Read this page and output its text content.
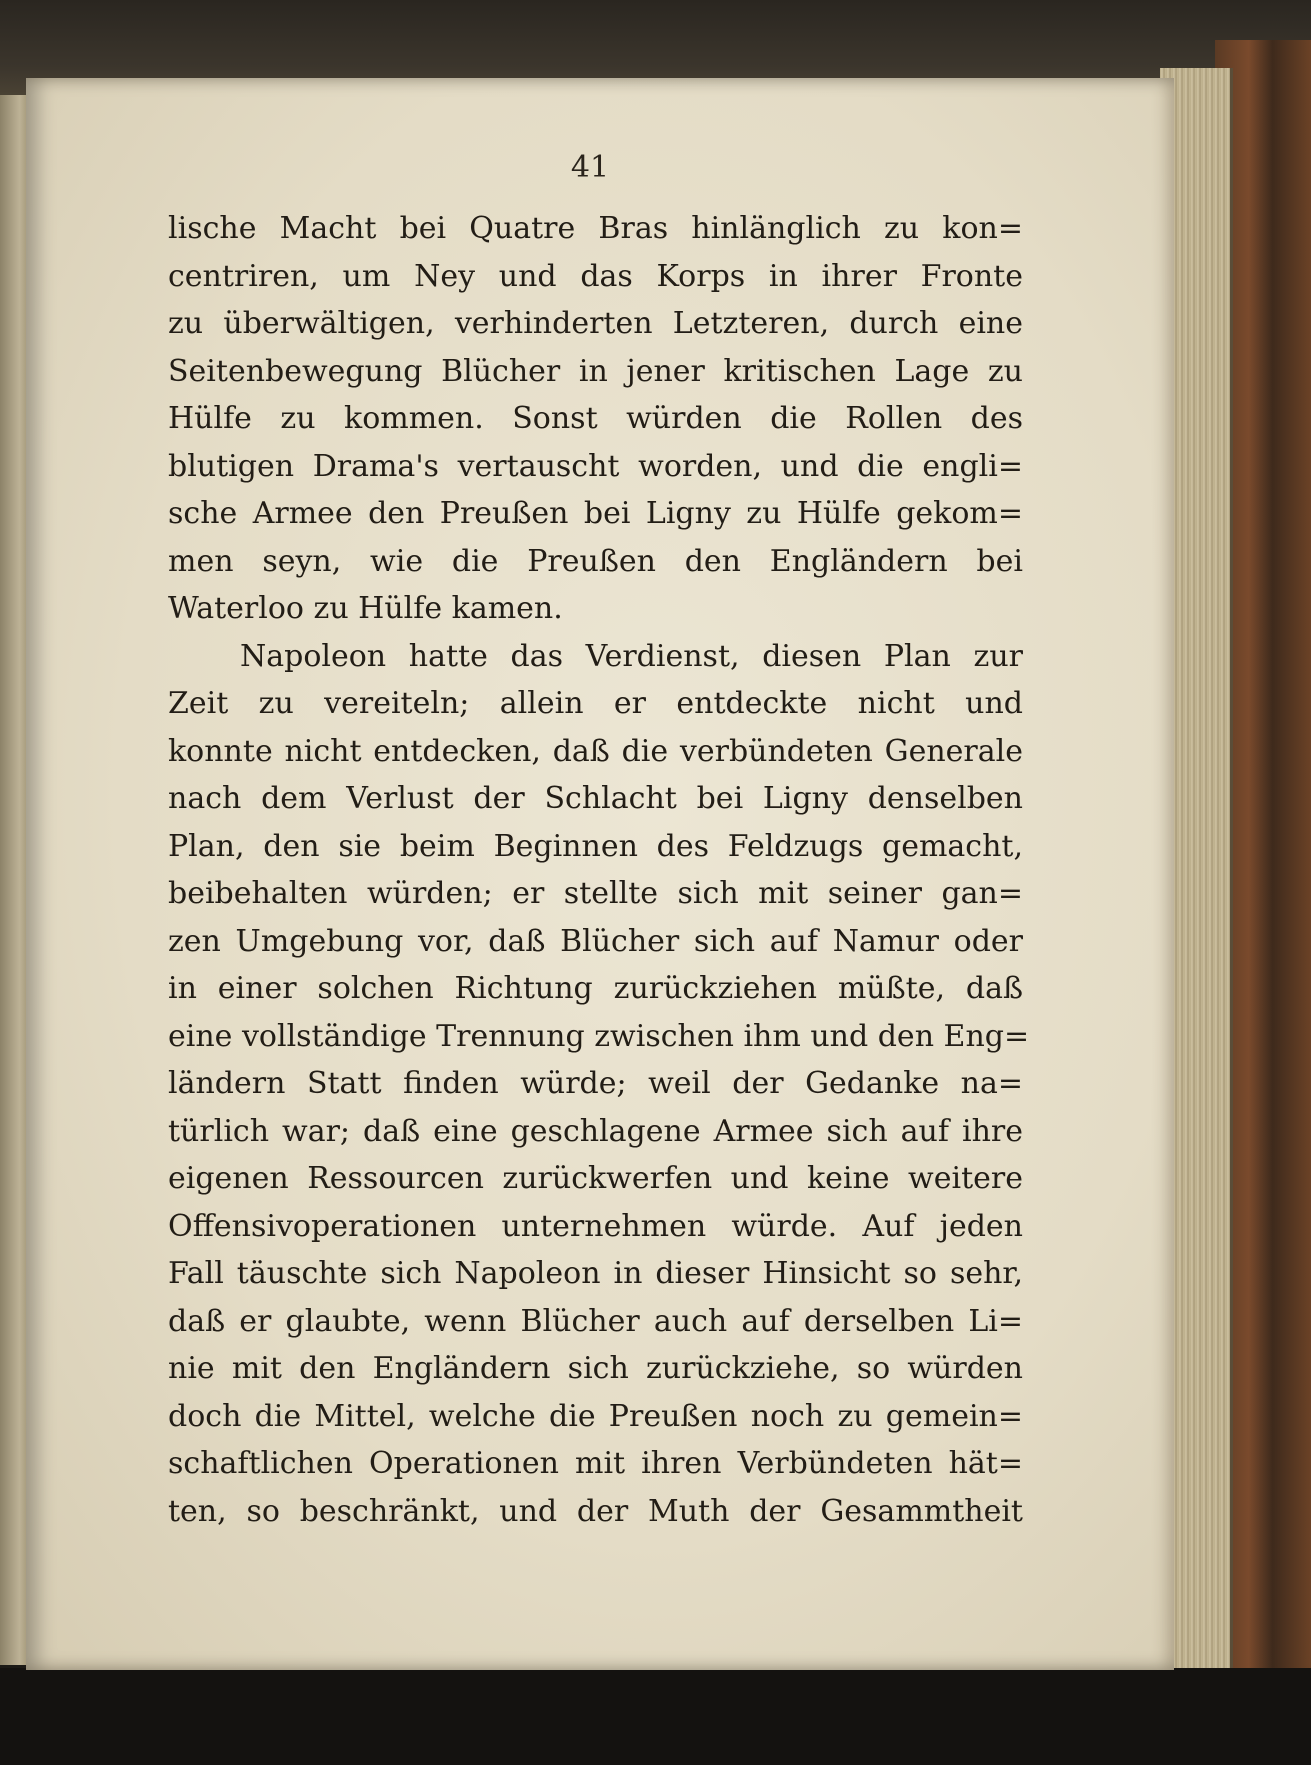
41
lische Macht bei Quatre Bras hinlänglich zu kon=
centriren, um Ney und das Korps in ihrer Fronte
zu überwältigen, verhinderten Letzteren, durch eine
Seitenbewegung Blücher in jener kritischen Lage zu
Hülfe zu kommen. Sonst würden die Rollen des
blutigen Drama's vertauscht worden, und die engli=
sche Armee den Preußen bei Ligny zu Hülfe gekom=
men seyn, wie die Preußen den Engländern bei
Waterloo zu Hülfe kamen.
Napoleon hatte das Verdienst, diesen Plan zur
Zeit zu vereiteln; allein er entdeckte nicht und
konnte nicht entdecken, daß die verbündeten Generale
nach dem Verlust der Schlacht bei Ligny denselben
Plan, den sie beim Beginnen des Feldzugs gemacht,
beibehalten würden; er stellte sich mit seiner gan=
zen Umgebung vor, daß Blücher sich auf Namur oder
in einer solchen Richtung zurückziehen müßte, daß
eine vollständige Trennung zwischen ihm und den Eng=
ländern Statt finden würde; weil der Gedanke na=
türlich war; daß eine geschlagene Armee sich auf ihre
eigenen Ressourcen zurückwerfen und keine weitere
Offensivoperationen unternehmen würde. Auf jeden
Fall täuschte sich Napoleon in dieser Hinsicht so sehr,
daß er glaubte, wenn Blücher auch auf derselben Li=
nie mit den Engländern sich zurückziehe, so würden
doch die Mittel, welche die Preußen noch zu gemein=
schaftlichen Operationen mit ihren Verbündeten hät=
ten, so beschränkt, und der Muth der Gesammtheit
